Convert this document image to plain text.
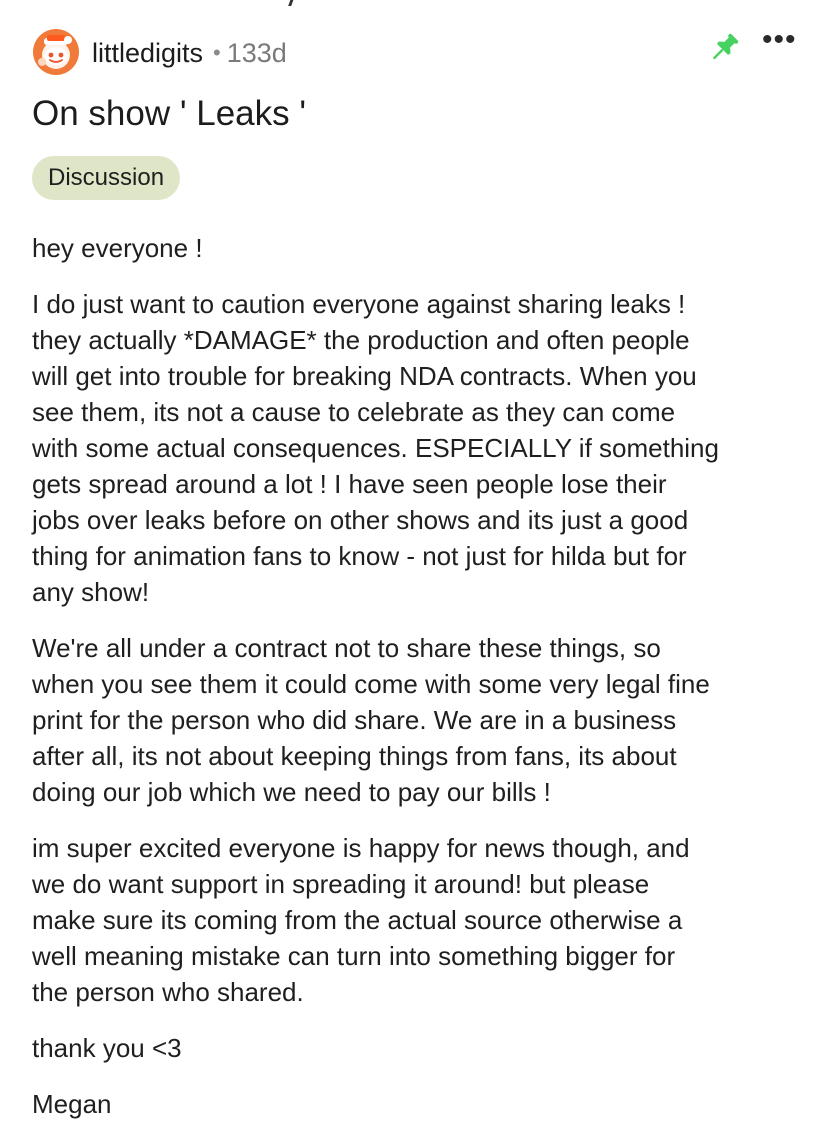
littledigits • 133d	•••
On show ' Leaks '
Discussion

hey everyone !

I do just want to caution everyone against sharing leaks !
they actually *DAMAGE* the production and often people
will get into trouble for breaking NDA contracts. When you
see them, its not a cause to celebrate as they can come
with some actual consequences. ESPECIALLY if something
gets spread around a lot ! I have seen people lose their
jobs over leaks before on other shows and its just a good
thing for animation fans to know - not just for hilda but for
any show!

We're all under a contract not to share these things, so
when you see them it could come with some very legal fine
print for the person who did share. We are in a business
after all, its not about keeping things from fans, its about
doing our job which we need to pay our bills !

im super excited everyone is happy for news though, and
we do want support in spreading it around! but please
make sure its coming from the actual source otherwise a
well meaning mistake can turn into something bigger for
the person who shared.

thank you <3

Megan
